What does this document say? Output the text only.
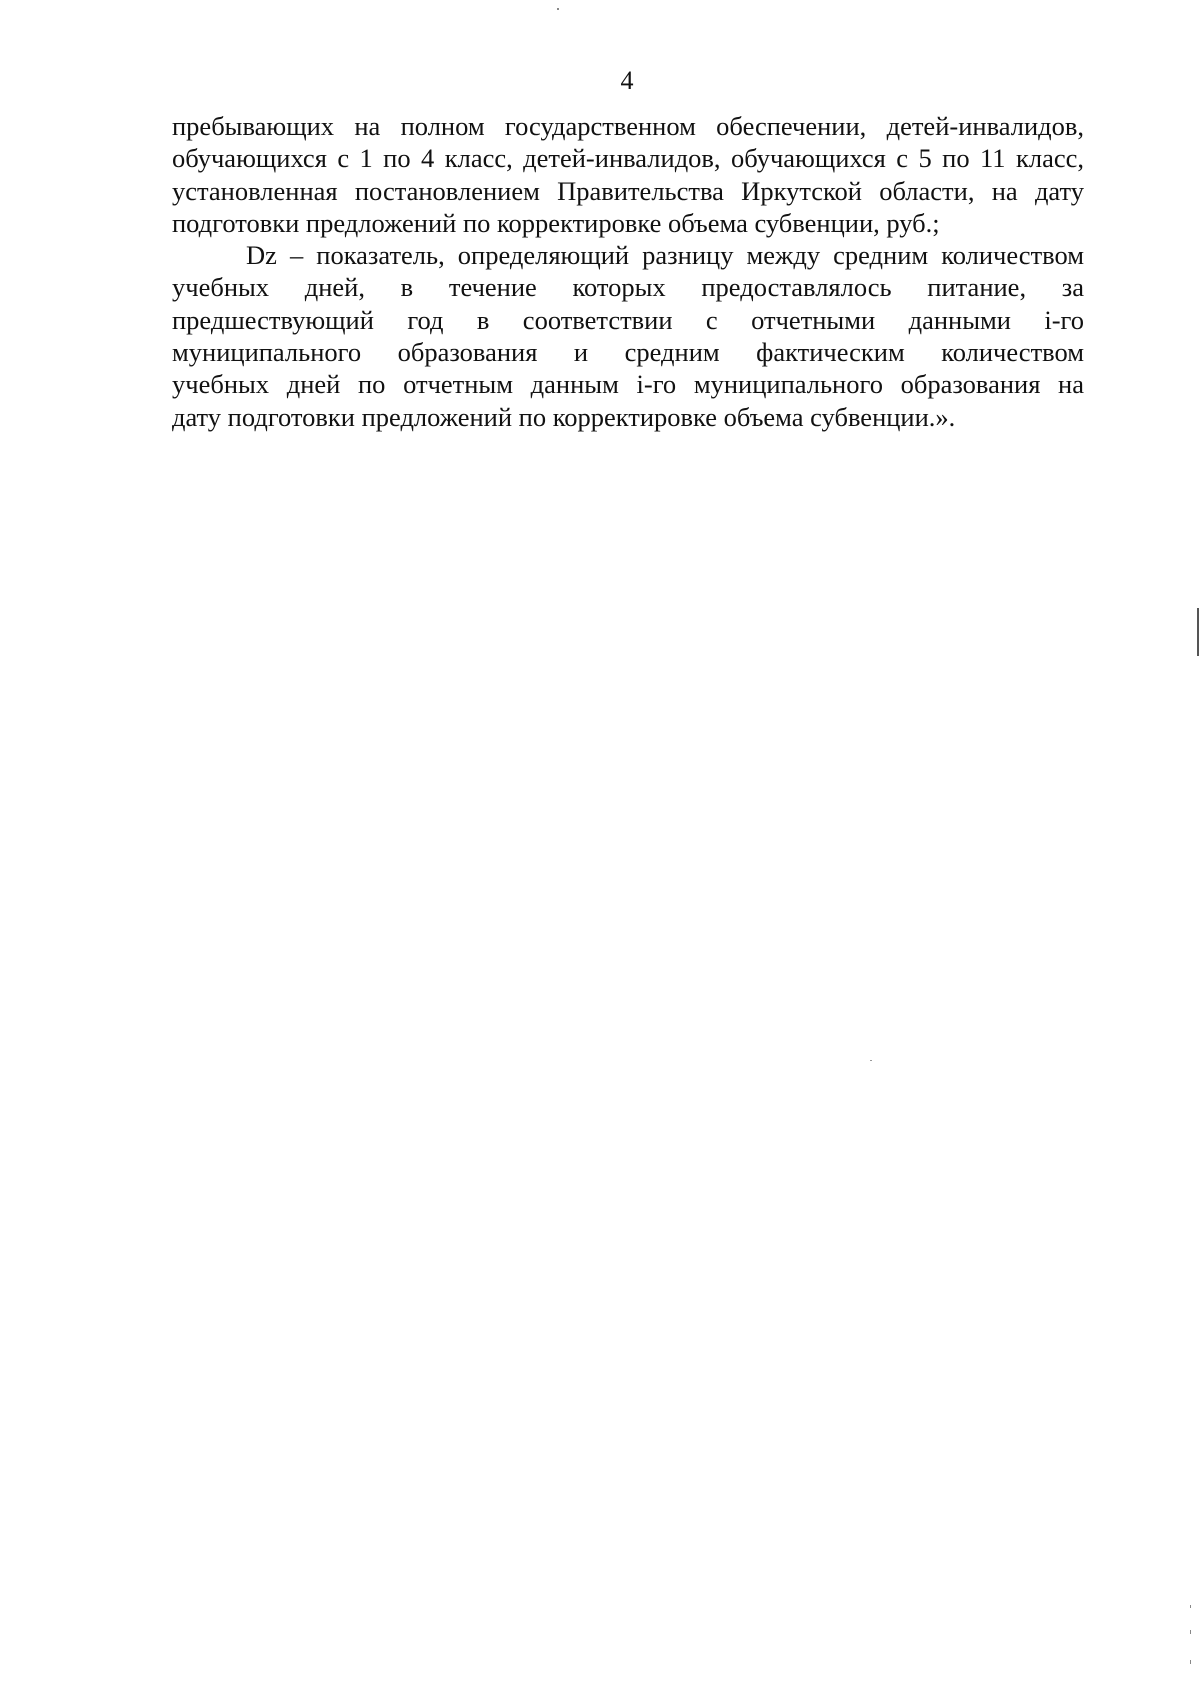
4

пребывающих на полном государственном обеспечении, детей-инвалидов,
обучающихся с 1 по 4 класс, детей-инвалидов, обучающихся с 5 по 11 класс,
установленная постановлением Правительства Иркутской области, на дату
подготовки предложений по корректировке объема субвенции, руб.;

Dz – показатель, определяющий разницу между средним количеством
учебных дней, в течение которых предоставлялось питание, за
предшествующий год в соответствии с отчетными данными i-го
муниципального образования и средним фактическим количеством
учебных дней по отчетным данным i-го муниципального образования на
дату подготовки предложений по корректировке объема субвенции.».
